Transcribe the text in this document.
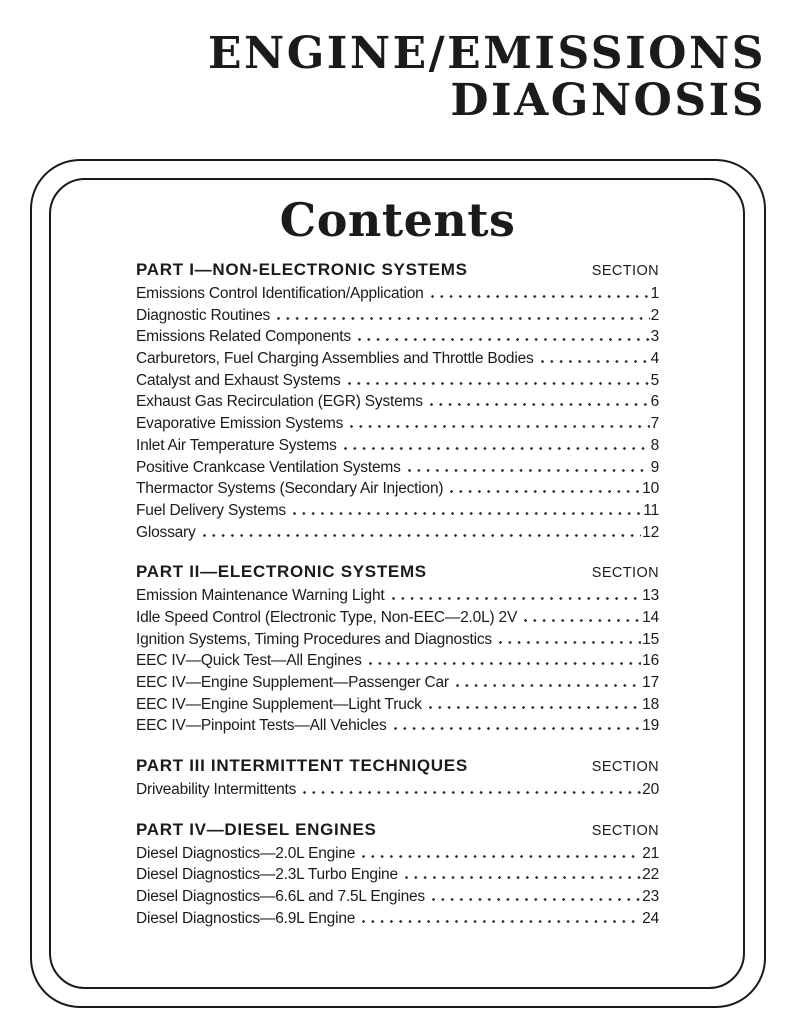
ENGINE/EMISSIONS
DIAGNOSIS
Contents
PART I—NON-ELECTRONIC SYSTEMS	SECTION
Emissions Control Identification/Application	1
Diagnostic Routines	2
Emissions Related Components	3
Carburetors, Fuel Charging Assemblies and Throttle Bodies	4
Catalyst and Exhaust Systems	5
Exhaust Gas Recirculation (EGR) Systems	6
Evaporative Emission Systems	7
Inlet Air Temperature Systems	8
Positive Crankcase Ventilation Systems	9
Thermactor Systems (Secondary Air Injection)	10
Fuel Delivery Systems	11
Glossary	12
PART II—ELECTRONIC SYSTEMS	SECTION
Emission Maintenance Warning Light	13
Idle Speed Control (Electronic Type, Non-EEC—2.0L) 2V	14
Ignition Systems, Timing Procedures and Diagnostics	15
EEC IV—Quick Test—All Engines	16
EEC IV—Engine Supplement—Passenger Car	17
EEC IV—Engine Supplement—Light Truck	18
EEC IV—Pinpoint Tests—All Vehicles	19
PART III INTERMITTENT TECHNIQUES	SECTION
Driveability Intermittents	20
PART IV—DIESEL ENGINES	SECTION
Diesel Diagnostics—2.0L Engine	21
Diesel Diagnostics—2.3L Turbo Engine	22
Diesel Diagnostics—6.6L and 7.5L Engines	23
Diesel Diagnostics—6.9L Engine	24
